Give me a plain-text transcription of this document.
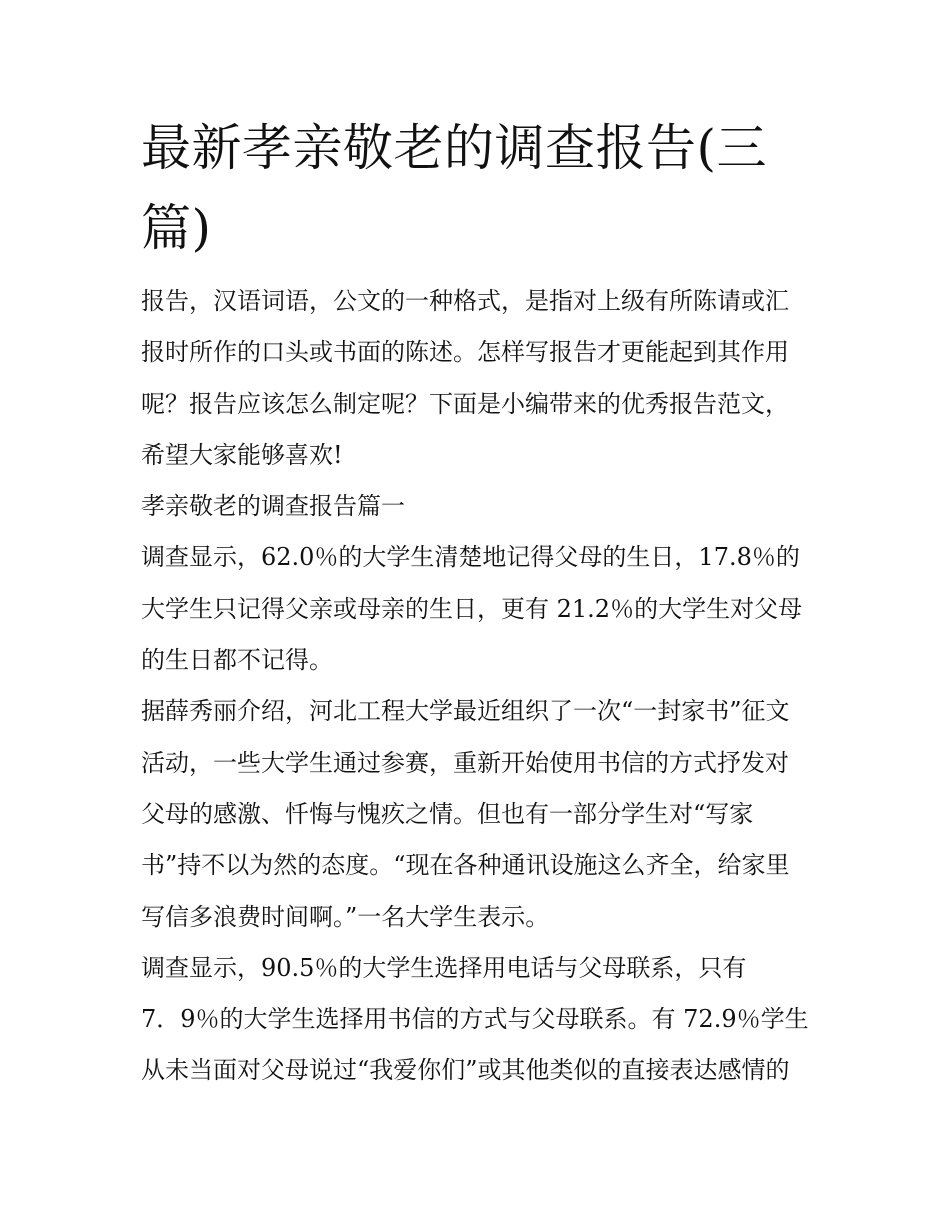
最新孝亲敬老的调查报告(三
篇)
报告，汉语词语，公文的一种格式，是指对上级有所陈请或汇
报时所作的口头或书面的陈述。怎样写报告才更能起到其作用
呢？报告应该怎么制定呢？下面是小编带来的优秀报告范文，
希望大家能够喜欢!
孝亲敬老的调查报告篇一
调查显示，62.0％的大学生清楚地记得父母的生日，17.8％的
大学生只记得父亲或母亲的生日，更有 21.2％的大学生对父母
的生日都不记得。
据薛秀丽介绍，河北工程大学最近组织了一次“一封家书”征文
活动，一些大学生通过参赛，重新开始使用书信的方式抒发对
父母的感激、忏悔与愧疚之情。但也有一部分学生对“写家
书”持不以为然的态度。“现在各种通讯设施这么齐全，给家里
写信多浪费时间啊。”一名大学生表示。
调查显示，90.5％的大学生选择用电话与父母联系，只有
7．9％的大学生选择用书信的方式与父母联系。有 72.9％学生
从未当面对父母说过“我爱你们”或其他类似的直接表达感情的
